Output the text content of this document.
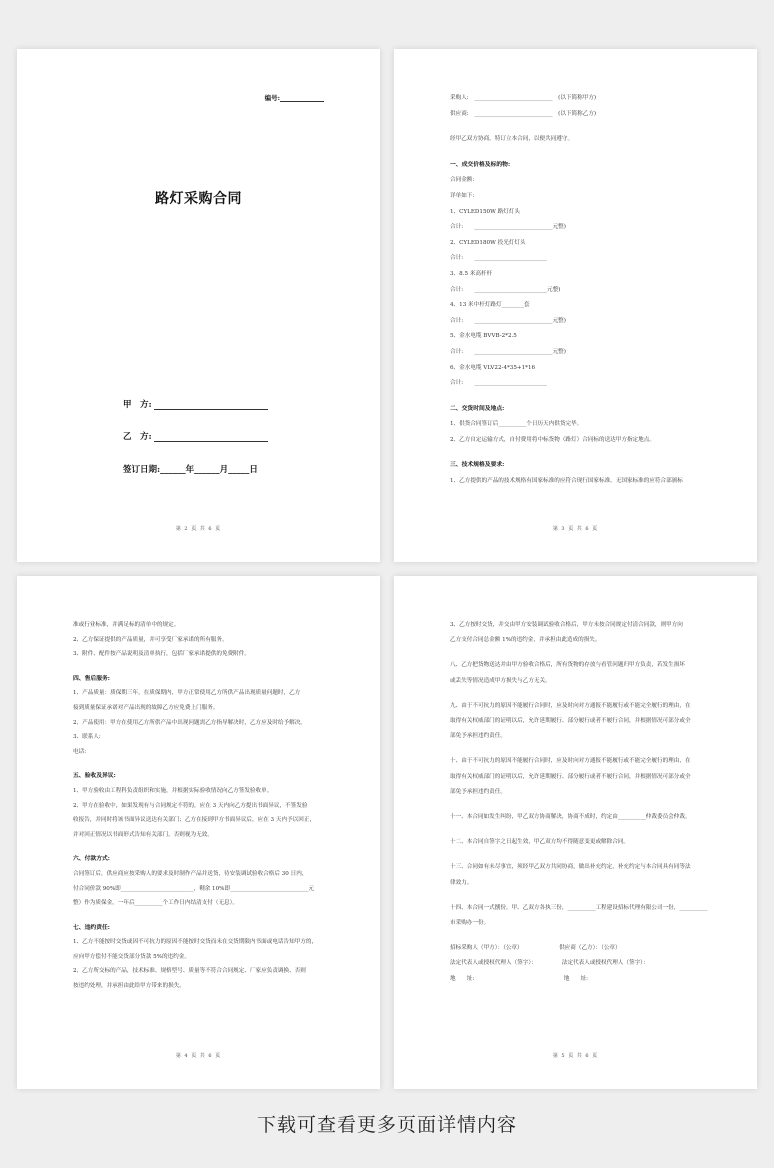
编号:
路灯采购合同
甲　方:
乙　方:
签订日期:______年______月_____日
第 2 页 共 6 页
采购人:　____________________________　(以下简称甲方)
供应商:　____________________________　(以下简称乙方)
经甲乙双方协商，特订立本合同，以便共同遵守。
一、成交价格及标的物:
合同金额:
详单如下:
1、CYLED150W 路灯灯头
合计:　　____________________________元整)
2、CYLED180W 投光灯灯头
合计:　　__________________________
3、8.5 米高杆杆
合计:　　__________________________元整)
4、13 米中杆灯路灯________套
合计:　　____________________________元整)
5、金水电缆 BVVB-2*2.5
合计:　　____________________________元整)
6、金水电缆 VLV22-4*35+1*16
合计:　　__________________________
二、交货时间及地点:
1、供货合同签订后__________个日历天内供货完毕。
2、乙方自定运输方式，自付费用将中标货物（路灯）合同标的送达甲方指定地点。
三、技术规格及要求:
1、乙方提供的产品的技术规格有国家标准的应符合现行国家标准，无国家标准的应符合部颁标
第 3 页 共 6 页
准或行业标准，并满足标的清单中的规定。
2、乙方保证提供的产品质量，并可享受厂家承诺的所有服务。
3、附件、配件按产品说明及清单执行，包括厂家承诺提供的免费附件。
四、售后服务:
1、产品质量：质保期三年，在质保期内，甲方正常使用乙方所供产品出现质量问题时，乙方
接到质量保证承诺对产品出现的故障乙方应免费上门服务。
2、产品使用：甲方在使用乙方所供产品中出现问题需乙方指导解决时，乙方应及时给予解决。
3、联系人:
电话:
五、验收及异议:
1、甲方验收由工程科负责组织和实施，并根据实际验收情况向乙方签发验收单。
2、甲方在验收中，如果发现有与合同规定不符的，应在 3 天内向乙方提出书面异议，不签发验
收报告，并同时将该书面异议送达有关部门；乙方在接到甲方书面异议后，应在 3 天内予以回正，
并对回正情况以书面形式告知有关部门，否则视为无效。
六、付款方式:
合同签订后，供应商应按采购人的要求及时制作产品并送货，待安装调试验收合格后 30 日内，
付合同价款 90%即__________________________，剩余 10%即____________________________元
整）作为质保金，一年后__________个工作日内结清支付（无息）。
七、违约责任:
1、乙方不能按时交货或因不可抗力的原因不能按时交货而未在交货期限内书面或电话告知甲方的，
应向甲方偿付不能交货部分货款 5%的违约金。
2、乙方所交标的产品，技术标准、规格型号、质量等不符合合同规定、厂家应负责调换、否则
按违约处理，并承担由此给甲方带来的损失。
第 4 页 共 6 页
3、乙方按时交货，并交由甲方安装调试验收合格后，甲方未按合同规定付清合同款，则甲方向
乙方支付合同总金额 1%的违约金，并承担由此造成的损失。
八、乙方把货物送达并由甲方验收合格后，所有货物的存放与看管问题归甲方负责，若发生损坏
或丢失等情况造成甲方损失与乙方无关。
九、由于不可抗力的原因不能履行合同时，应及时向对方通报不能履行或不能完全履行的理由，在
取得有关权威部门的证明以后，允许延期履行、部分履行或者不履行合同，并根据情况可部分或全
部免予承担违约责任。
十、由于不可抗力的原因不能履行合同时，应及时向对方通报不能履行或不能完全履行的理由，在
取得有关权威部门的证明以后，允许延期履行、部分履行或者不履行合同，并根据情况可部分或全
部免予承担违约责任。
十一、本合同如发生纠纷，甲乙双方协商解决，协商不成时，约定由__________仲裁委员会仲裁。
十二、本合同自签字之日起生效，甲乙双方均不得随意变更或解除合同。
十三、合同如有未尽事宜，须经甲乙双方共同协商，做出补充约定，补充约定与本合同具有同等法
律效力。
十四、本合同一式捌份，甲、乙双方各执三份，__________工程建设招标代理有限公司一份，__________
市采购办一份。
招标采购人（甲方）：（公章）　　　　　　　供应商（乙方）：（公章）
法定代表人或授权代理人（签字）：　　　　　法定代表人或授权代理人（签字）：
地　　址:　　　　　　　　　　　　　　　　地　　址:
第 5 页 共 6 页
下载可查看更多页面详情内容
